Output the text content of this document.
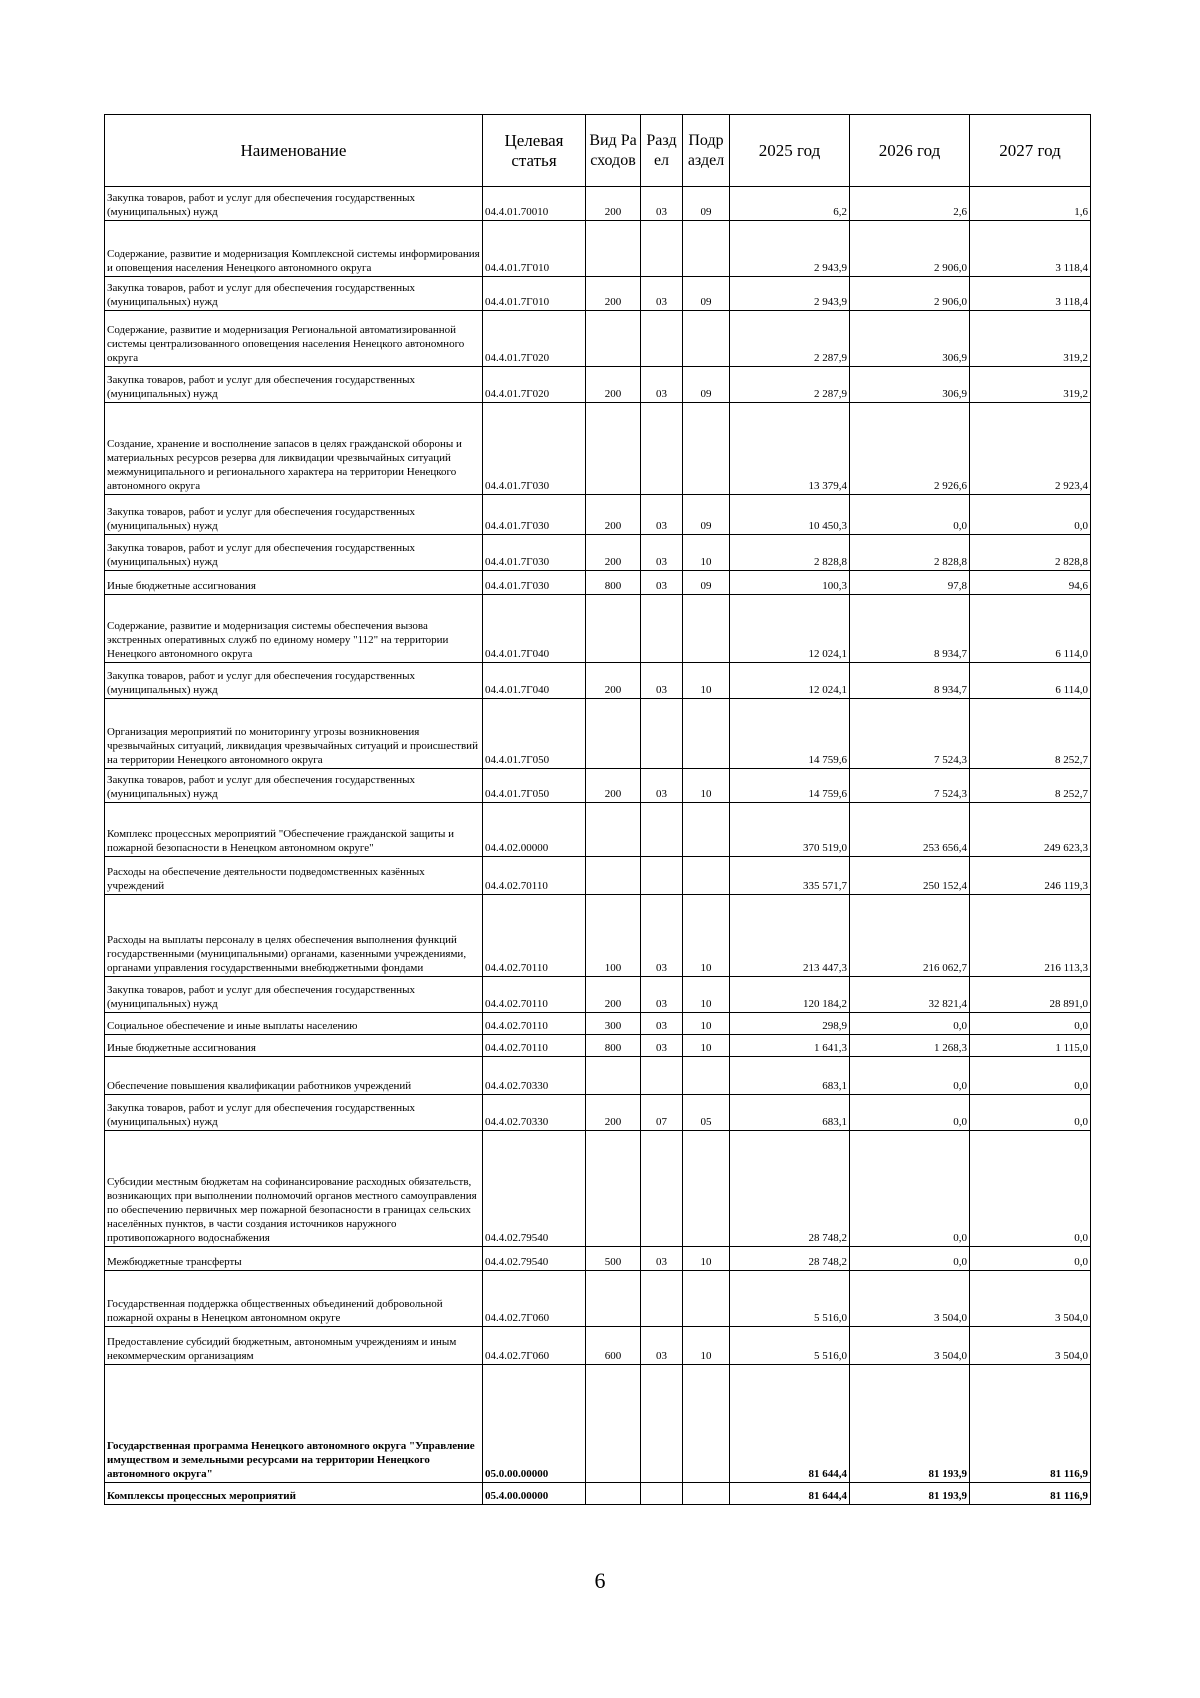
Наименование	Целевая статья	Вид Расходов	Раздел	Подраздел	2025 год	2026 год	2027 год
Закупка товаров, работ и услуг для обеспечения государственных (муниципальных) нужд	04.4.01.70010	200	03	09	6,2	2,6	1,6
Содержание, развитие и модернизация Комплексной системы информирования и оповещения населения Ненецкого автономного округа	04.4.01.7Г010				2 943,9	2 906,0	3 118,4
Закупка товаров, работ и услуг для обеспечения государственных (муниципальных) нужд	04.4.01.7Г010	200	03	09	2 943,9	2 906,0	3 118,4
Содержание, развитие и модернизация Региональной автоматизированной системы централизованного оповещения населения Ненецкого автономного округа	04.4.01.7Г020				2 287,9	306,9	319,2
Закупка товаров, работ и услуг для обеспечения государственных (муниципальных) нужд	04.4.01.7Г020	200	03	09	2 287,9	306,9	319,2
Создание, хранение и восполнение запасов в целях гражданской обороны и материальных ресурсов резерва для ликвидации чрезвычайных ситуаций межмуниципального и регионального характера на территории Ненецкого автономного округа	04.4.01.7Г030				13 379,4	2 926,6	2 923,4
Закупка товаров, работ и услуг для обеспечения государственных (муниципальных) нужд	04.4.01.7Г030	200	03	09	10 450,3	0,0	0,0
Закупка товаров, работ и услуг для обеспечения государственных (муниципальных) нужд	04.4.01.7Г030	200	03	10	2 828,8	2 828,8	2 828,8
Иные бюджетные ассигнования	04.4.01.7Г030	800	03	09	100,3	97,8	94,6
Содержание, развитие и модернизация системы обеспечения вызова экстренных оперативных служб по единому номеру "112" на территории Ненецкого автономного округа	04.4.01.7Г040				12 024,1	8 934,7	6 114,0
Закупка товаров, работ и услуг для обеспечения государственных (муниципальных) нужд	04.4.01.7Г040	200	03	10	12 024,1	8 934,7	6 114,0
Организация мероприятий по мониторингу угрозы возникновения чрезвычайных ситуаций, ликвидация чрезвычайных ситуаций и происшествий на территории Ненецкого автономного округа	04.4.01.7Г050				14 759,6	7 524,3	8 252,7
Закупка товаров, работ и услуг для обеспечения государственных (муниципальных) нужд	04.4.01.7Г050	200	03	10	14 759,6	7 524,3	8 252,7
Комплекс процессных мероприятий "Обеспечение гражданской защиты и пожарной безопасности в Ненецком автономном округе"	04.4.02.00000				370 519,0	253 656,4	249 623,3
Расходы на обеспечение деятельности подведомственных казённых учреждений	04.4.02.70110				335 571,7	250 152,4	246 119,3
Расходы на выплаты персоналу в целях обеспечения выполнения функций государственными (муниципальными) органами, казенными учреждениями, органами управления государственными внебюджетными фондами	04.4.02.70110	100	03	10	213 447,3	216 062,7	216 113,3
Закупка товаров, работ и услуг для обеспечения государственных (муниципальных) нужд	04.4.02.70110	200	03	10	120 184,2	32 821,4	28 891,0
Социальное обеспечение и иные выплаты населению	04.4.02.70110	300	03	10	298,9	0,0	0,0
Иные бюджетные ассигнования	04.4.02.70110	800	03	10	1 641,3	1 268,3	1 115,0
Обеспечение повышения квалификации работников учреждений	04.4.02.70330				683,1	0,0	0,0
Закупка товаров, работ и услуг для обеспечения государственных (муниципальных) нужд	04.4.02.70330	200	07	05	683,1	0,0	0,0
Субсидии местным бюджетам на софинансирование расходных обязательств, возникающих при выполнении полномочий органов местного самоуправления по обеспечению первичных мер пожарной безопасности в границах сельских населённых пунктов, в части создания источников наружного противопожарного водоснабжения	04.4.02.79540				28 748,2	0,0	0,0
Межбюджетные трансферты	04.4.02.79540	500	03	10	28 748,2	0,0	0,0
Государственная поддержка общественных объединений добровольной пожарной охраны в Ненецком автономном округе	04.4.02.7Г060				5 516,0	3 504,0	3 504,0
Предоставление субсидий бюджетным, автономным учреждениям и иным некоммерческим организациям	04.4.02.7Г060	600	03	10	5 516,0	3 504,0	3 504,0
Государственная программа Ненецкого автономного округа "Управление имуществом и земельными ресурсами на территории Ненецкого автономного округа"	05.0.00.00000				81 644,4	81 193,9	81 116,9
Комплексы процессных мероприятий	05.4.00.00000				81 644,4	81 193,9	81 116,9
6
